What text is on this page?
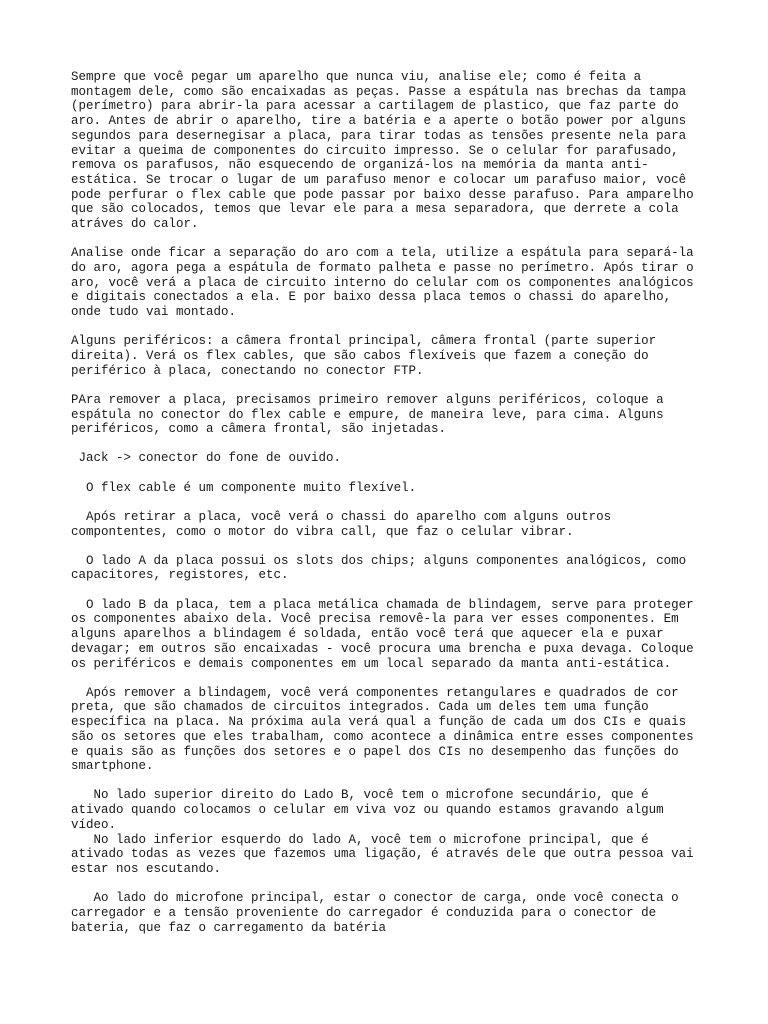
Sempre que você pegar um aparelho que nunca viu, analise ele; como é feita a
montagem dele, como são encaixadas as peças. Passe a espátula nas brechas da tampa
(perímetro) para abrir-la para acessar a cartilagem de plastico, que faz parte do
aro. Antes de abrir o aparelho, tire a batéria e a aperte o botão power por alguns
segundos para desernegisar a placa, para tirar todas as tensões presente nela para
evitar a queima de componentes do circuito impresso. Se o celular for parafusado,
remova os parafusos, não esquecendo de organizá-los na memória da manta anti-
estática. Se trocar o lugar de um parafuso menor e colocar um parafuso maior, você
pode perfurar o flex cable que pode passar por baixo desse parafuso. Para amparelho
que são colocados, temos que levar ele para a mesa separadora, que derrete a cola
atráves do calor.

Analise onde ficar a separação do aro com a tela, utilize a espátula para separá-la
do aro, agora pega a espátula de formato palheta e passe no perímetro. Após tirar o
aro, você verá a placa de circuito interno do celular com os componentes analógicos
e digitais conectados a ela. E por baixo dessa placa temos o chassi do aparelho,
onde tudo vai montado.

Alguns periféricos: a câmera frontal principal, câmera frontal (parte superior
direita). Verá os flex cables, que são cabos flexíveis que fazem a coneção do
periférico à placa, conectando no conector FTP.

PAra remover a placa, precisamos primeiro remover alguns periféricos, coloque a
espátula no conector do flex cable e empure, de maneira leve, para cima. Alguns
periféricos, como a câmera frontal, são injetadas.

Jack -> conector do fone de ouvido.

O flex cable é um componente muito flexível.

Após retirar a placa, você verá o chassi do aparelho com alguns outros
compontentes, como o motor do vibra call, que faz o celular vibrar.

O lado A da placa possui os slots dos chips; alguns componentes analógicos, como
capacitores, registores, etc.

O lado B da placa, tem a placa metálica chamada de blindagem, serve para proteger
os componentes abaixo dela. Você precisa removê-la para ver esses componentes. Em
alguns aparelhos a blindagem é soldada, então você terá que aquecer ela e puxar
devagar; em outros são encaixadas - você procura uma brencha e puxa devaga. Coloque
os periféricos e demais componentes em um local separado da manta anti-estática.

Após remover a blindagem, você verá componentes retangulares e quadrados de cor
preta, que são chamados de circuitos integrados. Cada um deles tem uma função
específica na placa. Na próxima aula verá qual a função de cada um dos CIs e quais
são os setores que eles trabalham, como acontece a dinâmica entre esses componentes
e quais são as funções dos setores e o papel dos CIs no desempenho das funções do
smartphone.

No lado superior direito do Lado B, você tem o microfone secundário, que é
ativado quando colocamos o celular em viva voz ou quando estamos gravando algum
vídeo.

No lado inferior esquerdo do lado A, você tem o microfone principal, que é
ativado todas as vezes que fazemos uma ligação, é através dele que outra pessoa vai
estar nos escutando.

Ao lado do microfone principal, estar o conector de carga, onde você conecta o
carregador e a tensão proveniente do carregador é conduzida para o conector de
bateria, que faz o carregamento da batéria
